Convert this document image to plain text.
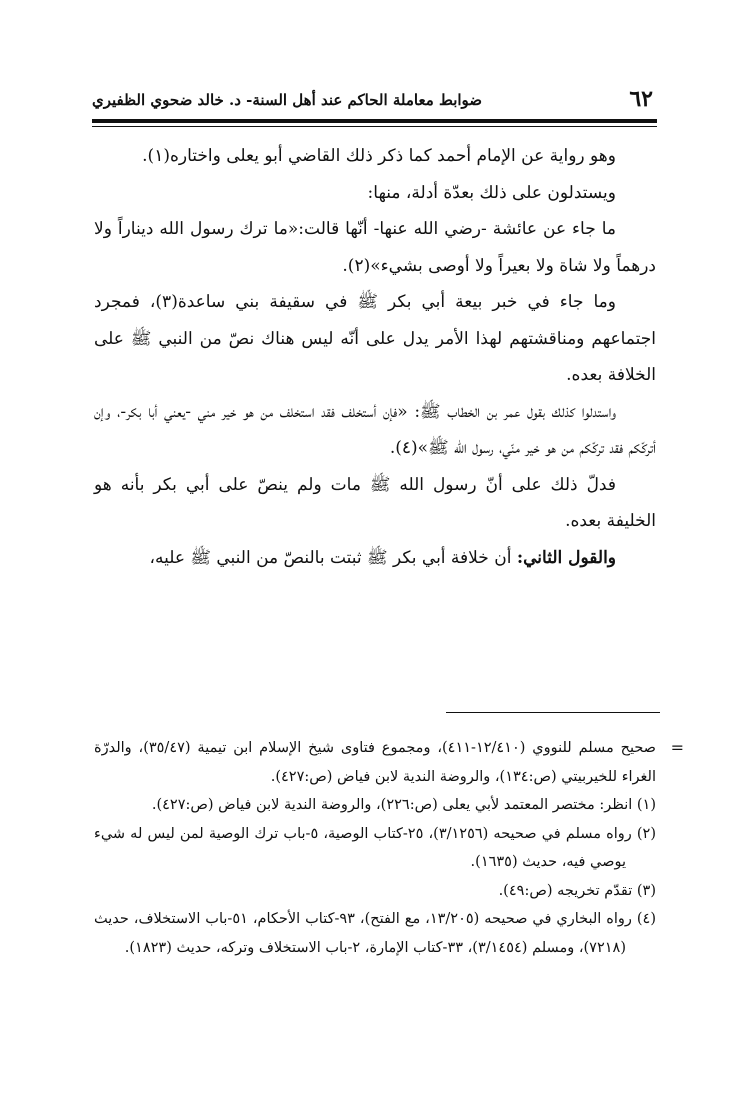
٦٢
ضوابط معاملة الحاكم عند أهل السنة- د. خالد ضحوي الظفيري

وهو رواية عن الإمام أحمد كما ذكر ذلك القاضي أبو يعلى واختاره(١).

ويستدلون على ذلك بعدّة أدلة، منها:

ما جاء عن عائشة -رضي الله عنها- أنّها قالت:«ما ترك رسول الله ديناراً ولا درهماً ولا شاة ولا بعيراً ولا أوصى بشيء»(٢).

وما جاء في خبر بيعة أبي بكر ﷺ في سقيفة بني ساعدة(٣)، فمجرد اجتماعهم ومناقشتهم لهذا الأمر يدل على أنّه ليس هناك نصّ من النبي ﷺ على الخلافة بعده.

واستدلوا كذلك بقول عمر بن الخطاب ﷺ: «فإن أستخلف فقد استخلف من هو خير مني -يعني أبا بكر-، وإن أتركّكم فقد تركّكم من هو خير منّي، رسول الله ﷺ»(٤).

فدلّ ذلك على أنّ رسول الله ﷺ مات ولم ينصّ على أبي بكر بأنه هو الخليفة بعده.

والقول الثاني: أن خلافة أبي بكر ﷺ ثبتت بالنصّ من النبي ﷺ عليه،

=
صحيح مسلم للنووي (١٢/٤١٠-٤١١)، ومجموع فتاوى شيخ الإسلام ابن تيمية (٣٥/٤٧)، والدرّة الغراء للخيربيتي (ص:١٣٤)، والروضة الندية لابن فياض (ص:٤٢٧).

(١) انظر: مختصر المعتمد لأبي يعلى (ص:٢٢٦)، والروضة الندية لابن فياض (ص:٤٢٧).

(٢) رواه مسلم في صحيحه (٣/١٢٥٦)، ٢٥-كتاب الوصية، ٥-باب ترك الوصية لمن ليس له شيء يوصي فيه، حديث (١٦٣٥).

(٣) تقدّم تخريجه (ص:٤٩).

(٤) رواه البخاري في صحيحه (١٣/٢٠٥، مع الفتح)، ٩٣-كتاب الأحكام، ٥١-باب الاستخلاف، حديث (٧٢١٨)، ومسلم (٣/١٤٥٤)، ٣٣-كتاب الإمارة، ٢-باب الاستخلاف وتركه، حديث (١٨٢٣).
